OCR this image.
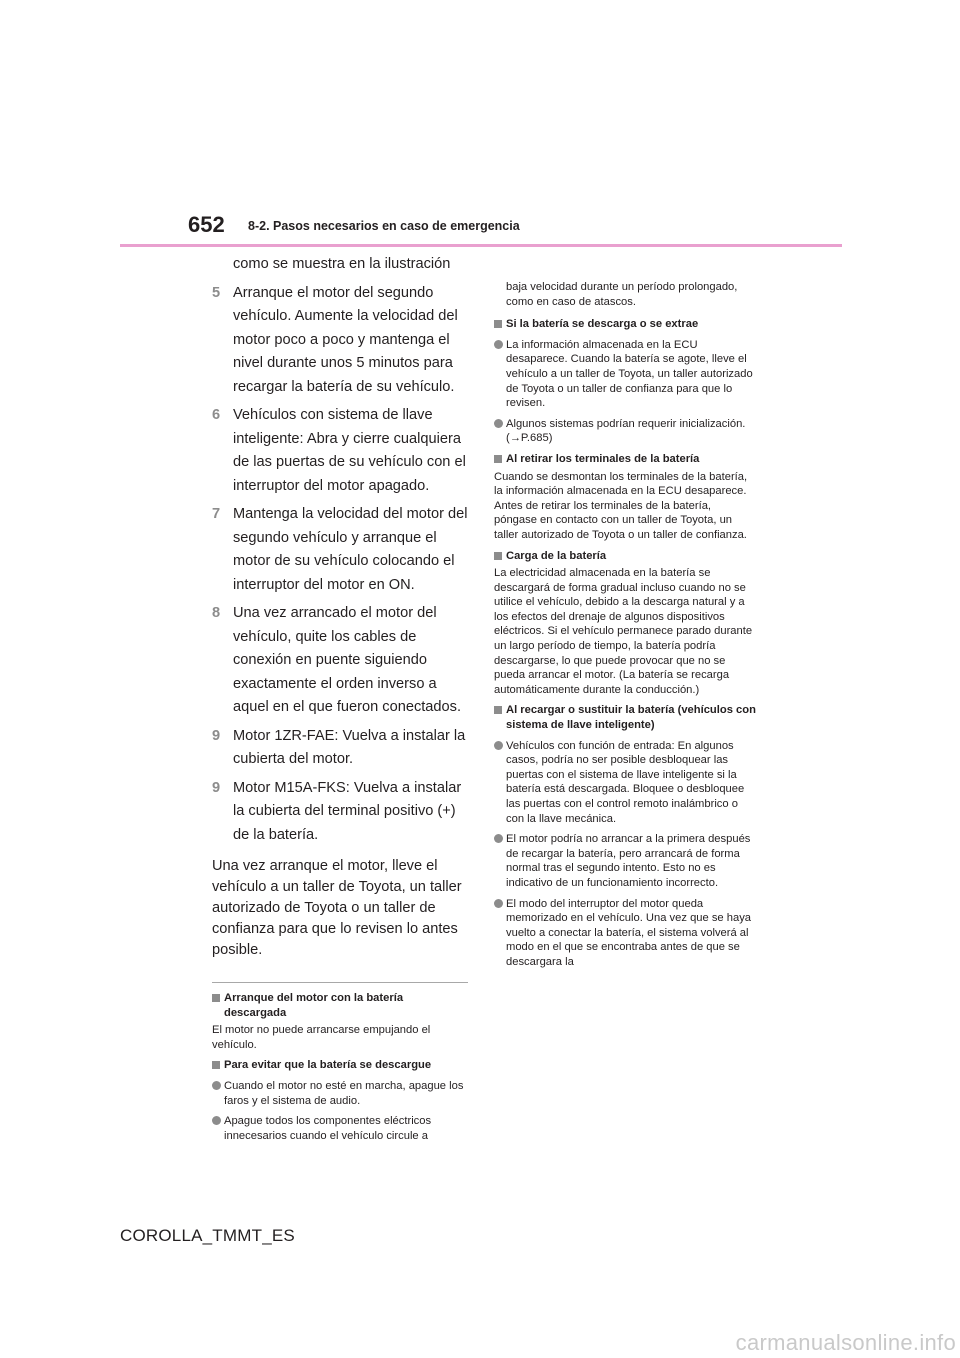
652 8-2. Pasos necesarios en caso de emergencia
como se muestra en la ilustración
5 Arranque el motor del segundo vehículo. Aumente la velocidad del motor poco a poco y mantenga el nivel durante unos 5 minutos para recargar la batería de su vehículo.
6 Vehículos con sistema de llave inteligente: Abra y cierre cualquiera de las puertas de su vehículo con el interruptor del motor apagado.
7 Mantenga la velocidad del motor del segundo vehículo y arranque el motor de su vehículo colocando el interruptor del motor en ON.
8 Una vez arrancado el motor del vehículo, quite los cables de conexión en puente siguiendo exactamente el orden inverso a aquel en el que fueron conectados.
9 Motor 1ZR-FAE: Vuelva a instalar la cubierta del motor.
9 Motor M15A-FKS: Vuelva a instalar la cubierta del terminal positivo (+) de la batería.
Una vez arranque el motor, lleve el vehículo a un taller de Toyota, un taller autorizado de Toyota o un taller de confianza para que lo revisen lo antes posible.
Arranque del motor con la batería descargada
El motor no puede arrancarse empujando el vehículo.
Para evitar que la batería se descargue
Cuando el motor no esté en marcha, apague los faros y el sistema de audio.
Apague todos los componentes eléctricos innecesarios cuando el vehículo circule a
baja velocidad durante un período prolongado, como en caso de atascos.
Si la batería se descarga o se extrae
La información almacenada en la ECU desaparece. Cuando la batería se agote, lleve el vehículo a un taller de Toyota, un taller autorizado de Toyota o un taller de confianza para que lo revisen.
Algunos sistemas podrían requerir inicialización. (→P.685)
Al retirar los terminales de la batería
Cuando se desmontan los terminales de la batería, la información almacenada en la ECU desaparece. Antes de retirar los terminales de la batería, póngase en contacto con un taller de Toyota, un taller autorizado de Toyota o un taller de confianza.
Carga de la batería
La electricidad almacenada en la batería se descargará de forma gradual incluso cuando no se utilice el vehículo, debido a la descarga natural y a los efectos del drenaje de algunos dispositivos eléctricos. Si el vehículo permanece parado durante un largo período de tiempo, la batería podría descargarse, lo que puede provocar que no se pueda arrancar el motor. (La batería se recarga automáticamente durante la conducción.)
Al recargar o sustituir la batería (vehículos con sistema de llave inteligente)
Vehículos con función de entrada: En algunos casos, podría no ser posible desbloquear las puertas con el sistema de llave inteligente si la batería está descargada. Bloquee o desbloquee las puertas con el control remoto inalámbrico o con la llave mecánica.
El motor podría no arrancar a la primera después de recargar la batería, pero arrancará de forma normal tras el segundo intento. Esto no es indicativo de un funcionamiento incorrecto.
El modo del interruptor del motor queda memorizado en el vehículo. Una vez que se haya vuelto a conectar la batería, el sistema volverá al modo en el que se encontraba antes de que se descargara la
COROLLA_TMMT_ES
carmanualsonline.info
